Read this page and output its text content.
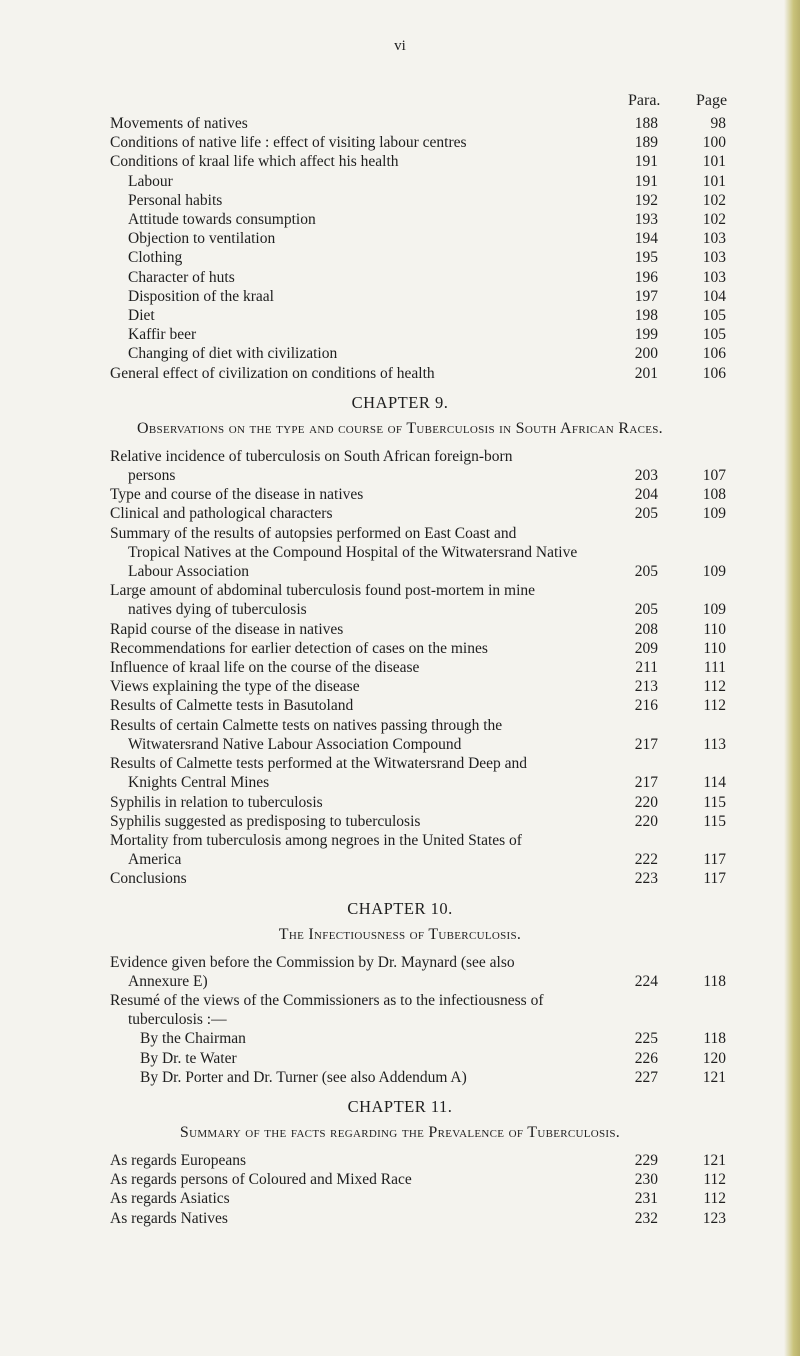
vi
Para. Page
Movements of natives	188	98
Conditions of native life : effect of visiting labour centres	189	100
Conditions of kraal life which affect his health	191	101
Labour	191	101
Personal habits	192	102
Attitude towards consumption	193	102
Objection to ventilation	194	103
Clothing	195	103
Character of huts	196	103
Disposition of the kraal	197	104
Diet	198	105
Kaffir beer	199	105
Changing of diet with civilization	200	106
General effect of civilization on conditions of health	201	106
CHAPTER 9.
Observations on the type and course of Tuberculosis in South African Races.
Relative incidence of tuberculosis on South African foreign-born
persons	203	107
Type and course of the disease in natives	204	108
Clinical and pathological characters	205	109
Summary of the results of autopsies performed on East Coast and
Tropical Natives at the Compound Hospital of the Witwatersrand Native Labour Association	205	109
Large amount of abdominal tuberculosis found post-mortem in mine
natives dying of tuberculosis	205	109
Rapid course of the disease in natives	208	110
Recommendations for earlier detection of cases on the mines	209	110
Influence of kraal life on the course of the disease	211	111
Views explaining the type of the disease	213	112
Results of Calmette tests in Basutoland	216	112
Results of certain Calmette tests on natives passing through the
Witwatersrand Native Labour Association Compound	217	113
Results of Calmette tests performed at the Witwatersrand Deep and
Knights Central Mines	217	114
Syphilis in relation to tuberculosis	220	115
Syphilis suggested as predisposing to tuberculosis	220	115
Mortality from tuberculosis among negroes in the United States of
America	222	117
Conclusions	223	117
CHAPTER 10.
The Infectiousness of Tuberculosis.
Evidence given before the Commission by Dr. Maynard (see also
Annexure E)	224	118
Resumé of the views of the Commissioners as to the infectiousness of
tuberculosis :—
By the Chairman	225	118
By Dr. te Water	226	120
By Dr. Porter and Dr. Turner (see also Addendum A)	227	121
CHAPTER 11.
Summary of the facts regarding the Prevalence of Tuberculosis.
As regards Europeans	229	121
As regards persons of Coloured and Mixed Race	230	112
As regards Asiatics	231	112
As regards Natives	232	123
